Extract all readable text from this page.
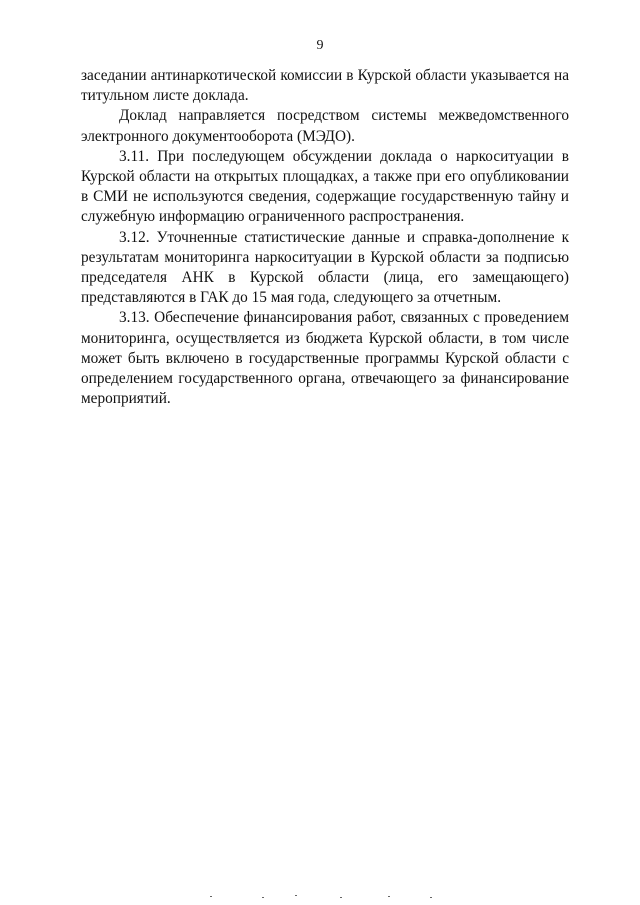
9

заседании антинаркотической комиссии в Курской области указывается на титульном листе доклада.

Доклад направляется посредством системы межведомственного электронного документооборота (МЭДО).

3.11. При последующем обсуждении доклада о наркоситуации в Курской области на открытых площадках, а также при его опубликовании в СМИ не используются сведения, содержащие государственную тайну и служебную информацию ограниченного распространения.

3.12. Уточненные статистические данные и справка-дополнение к результатам мониторинга наркоситуации в Курской области за подписью председателя АНК в Курской области (лица, его замещающего) представляются в ГАК до 15 мая года, следующего за отчетным.

3.13. Обеспечение финансирования работ, связанных с проведением мониторинга, осуществляется из бюджета Курской области, в том числе может быть включено в государственные программы Курской области с определением государственного органа, отвечающего за финансирование мероприятий.
